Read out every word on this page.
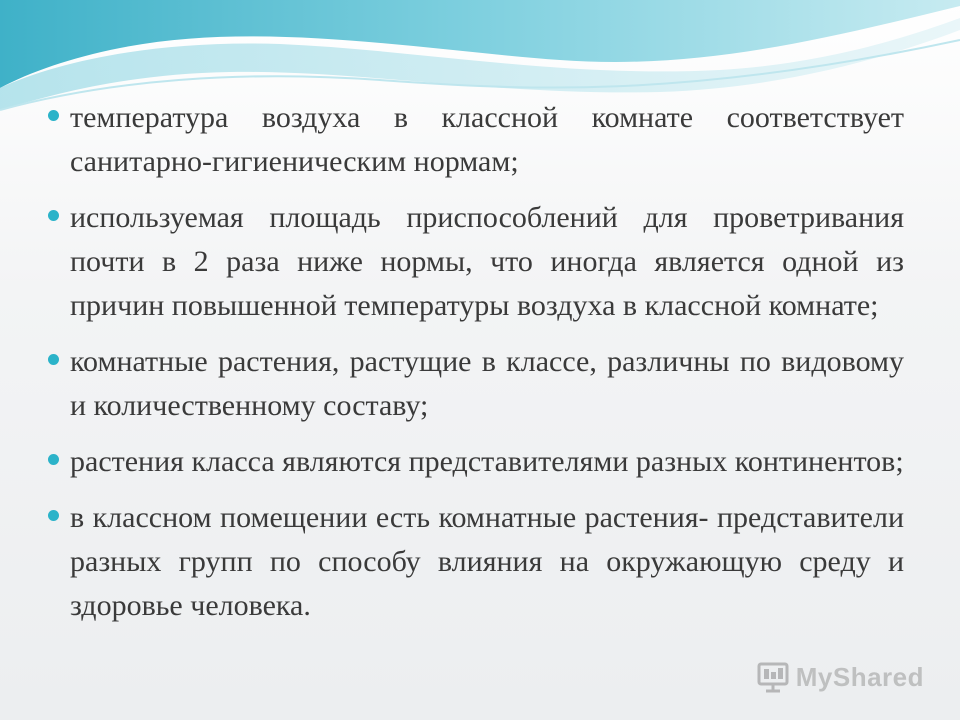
температура воздуха в классной комнате соответствует санитарно-гигиеническим нормам;
используемая площадь приспособлений для проветривания почти в 2 раза ниже нормы, что иногда является одной из причин повышенной температуры воздуха в классной комнате;
комнатные растения, растущие в классе, различны по видовому и количественному составу;
растения класса являются представителями разных континентов;
в классном помещении есть комнатные растения- представители разных групп по способу влияния на окружающую среду и здоровье человека.
MyShared
